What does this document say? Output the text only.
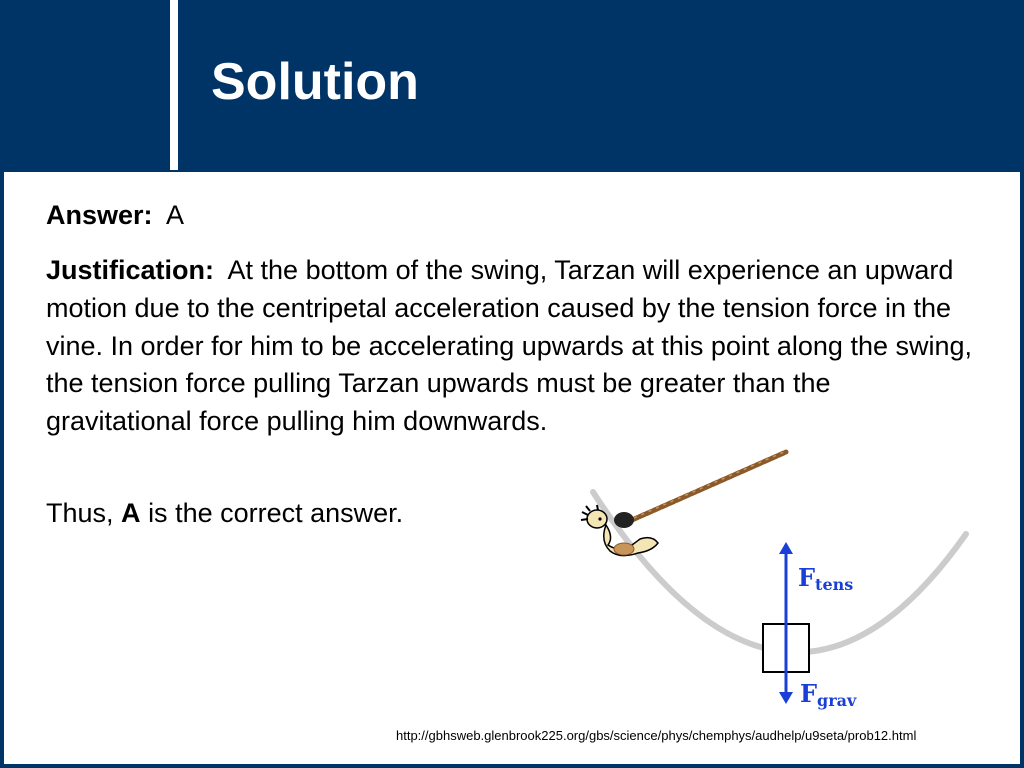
Solution

Answer: A

Justification: At the bottom of the swing, Tarzan will experience an upward motion due to the centripetal acceleration caused by the tension force in the vine. In order for him to be accelerating upwards at this point along the swing, the tension force pulling Tarzan upwards must be greater than the gravitational force pulling him downwards.

Thus, A is the correct answer.

Ftens
Fgrav

http://gbhsweb.glenbrook225.org/gbs/science/phys/chemphys/audhelp/u9seta/prob12.html
